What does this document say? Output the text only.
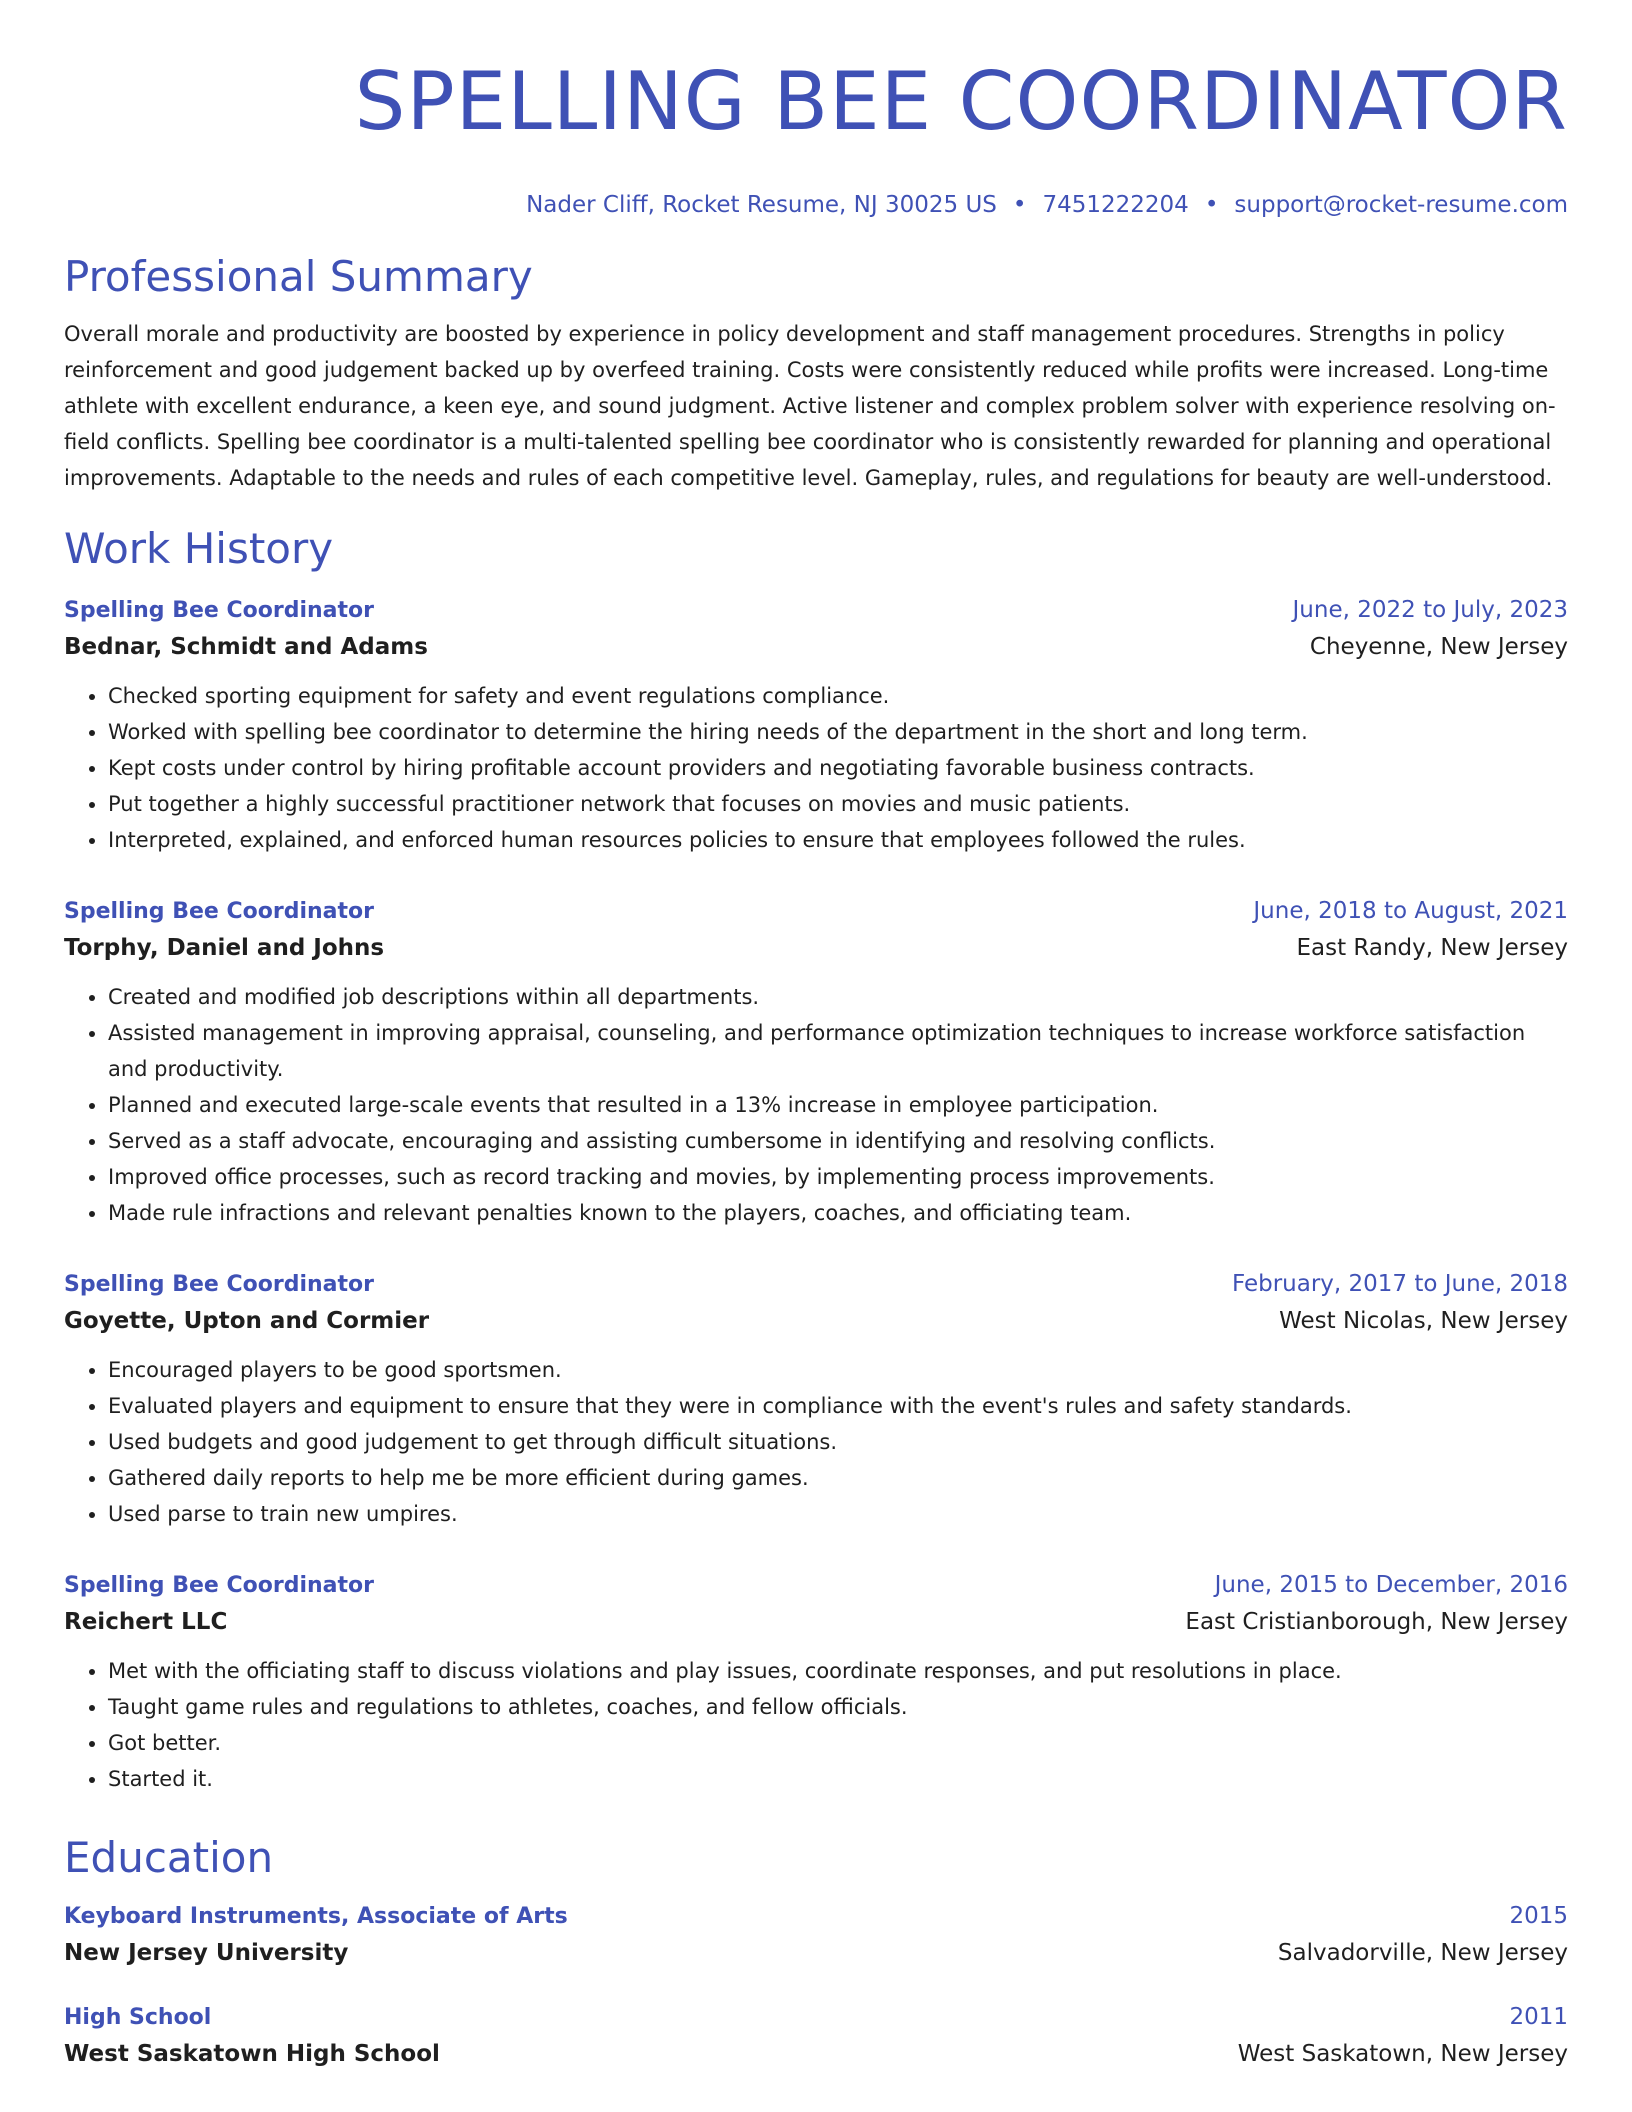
SPELLING BEE COORDINATOR
Nader Cliff, Rocket Resume, NJ 30025 US • 7451222204 • support@rocket-resume.com
Professional Summary
Overall morale and productivity are boosted by experience in policy development and staff management procedures. Strengths in policy reinforcement and good judgement backed up by overfeed training. Costs were consistently reduced while profits were increased. Long-time athlete with excellent endurance, a keen eye, and sound judgment. Active listener and complex problem solver with experience resolving on-field conflicts. Spelling bee coordinator is a multi-talented spelling bee coordinator who is consistently rewarded for planning and operational improvements. Adaptable to the needs and rules of each competitive level. Gameplay, rules, and regulations for beauty are well-understood.
Work History
Spelling Bee Coordinator	June, 2022 to July, 2023
Bednar, Schmidt and Adams	Cheyenne, New Jersey
• Checked sporting equipment for safety and event regulations compliance.
• Worked with spelling bee coordinator to determine the hiring needs of the department in the short and long term.
• Kept costs under control by hiring profitable account providers and negotiating favorable business contracts.
• Put together a highly successful practitioner network that focuses on movies and music patients.
• Interpreted, explained, and enforced human resources policies to ensure that employees followed the rules.
Spelling Bee Coordinator	June, 2018 to August, 2021
Torphy, Daniel and Johns	East Randy, New Jersey
• Created and modified job descriptions within all departments.
• Assisted management in improving appraisal, counseling, and performance optimization techniques to increase workforce satisfaction and productivity.
• Planned and executed large-scale events that resulted in a 13% increase in employee participation.
• Served as a staff advocate, encouraging and assisting cumbersome in identifying and resolving conflicts.
• Improved office processes, such as record tracking and movies, by implementing process improvements.
• Made rule infractions and relevant penalties known to the players, coaches, and officiating team.
Spelling Bee Coordinator	February, 2017 to June, 2018
Goyette, Upton and Cormier	West Nicolas, New Jersey
• Encouraged players to be good sportsmen.
• Evaluated players and equipment to ensure that they were in compliance with the event's rules and safety standards.
• Used budgets and good judgement to get through difficult situations.
• Gathered daily reports to help me be more efficient during games.
• Used parse to train new umpires.
Spelling Bee Coordinator	June, 2015 to December, 2016
Reichert LLC	East Cristianborough, New Jersey
• Met with the officiating staff to discuss violations and play issues, coordinate responses, and put resolutions in place.
• Taught game rules and regulations to athletes, coaches, and fellow officials.
• Got better.
• Started it.
Education
Keyboard Instruments, Associate of Arts	2015
New Jersey University	Salvadorville, New Jersey
High School	2011
West Saskatown High School	West Saskatown, New Jersey
